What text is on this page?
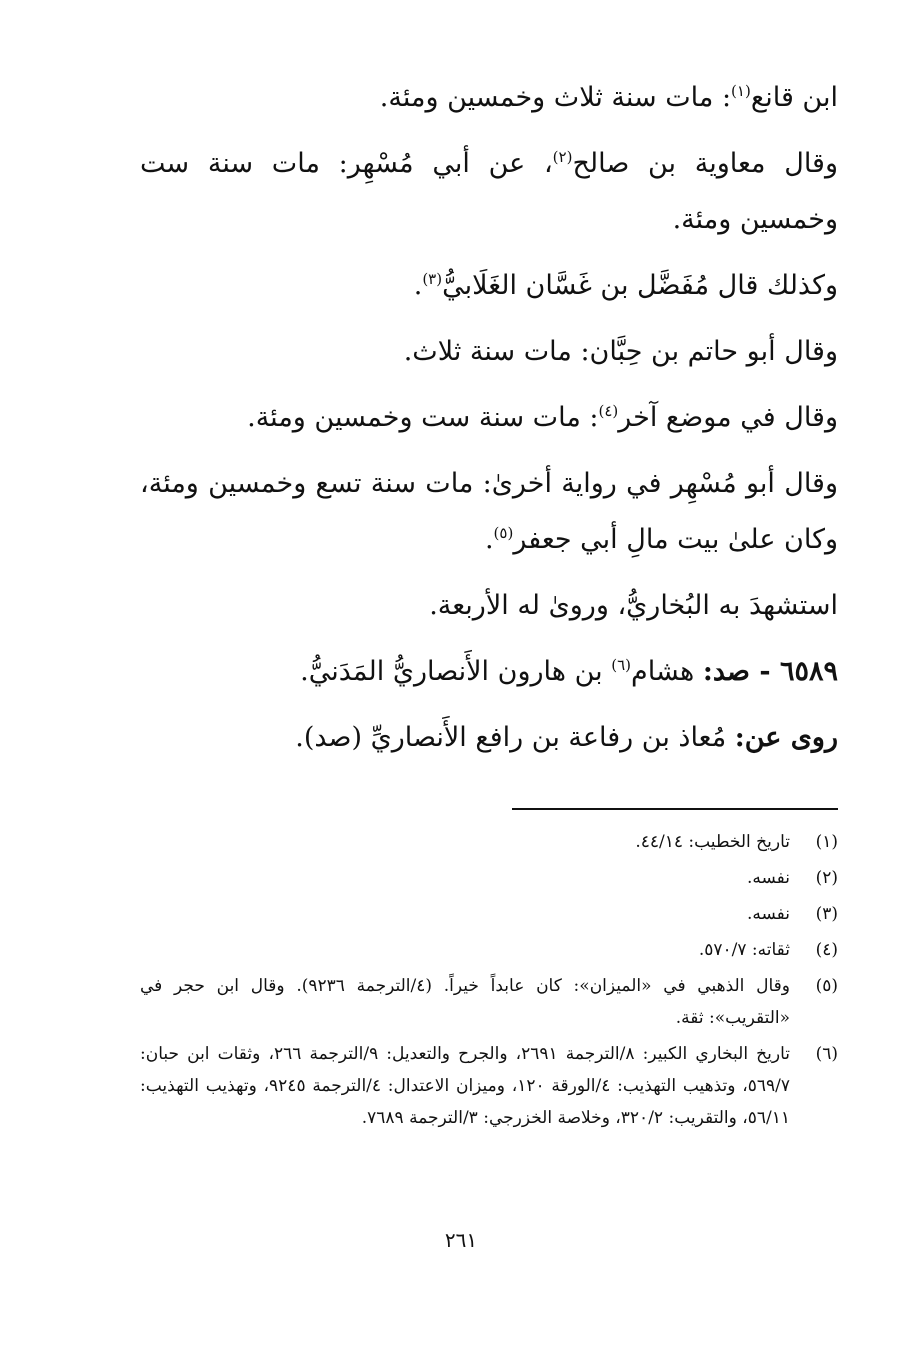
ابن قانع$^{(١)}$: مات سنة ثلاث وخمسين ومئة.
وقال معاوية بن صالح$^{(٢)}$، عن أبي مُسْهِر: مات سنة ست وخمسين ومئة.
وكذلك قال مُفَضَّل بن غَسَّان الغَلَابيُّ$^{(٣)}$.
وقال أبو حاتم بن حِبَّان: مات سنة ثلاث.
وقال في موضع آخر$^{(٤)}$: مات سنة ست وخمسين ومئة.
وقال أبو مُسْهِر في رواية أخرىٰ: مات سنة تسع وخمسين ومئة، وكان علىٰ بيت مالِ أبي جعفر$^{(٥)}$.
استشهدَ به البُخاريُّ، ورویٰ له الأربعة.
٦٥٨٩ - صد: هشام$^{(٦)}$ بن هارون الأَنصاريُّ المَدَنيُّ.
روى عن: مُعاذ بن رفاعة بن رافع الأَنصاريِّ (صد).
(١)
تاريخ الخطيب: ٤٤/١٤.
(٢)
نفسه.
(٣)
نفسه.
(٤)
ثقاته: ٥٧٠/٧.
(٥)
وقال الذهبي في «الميزان»: كان عابداً خيراً. (٤/الترجمة ٩٢٣٦). وقال ابن حجر في «التقريب»: ثقة.
(٦)
تاريخ البخاري الكبير: ٨/الترجمة ٢٦٩١، والجرح والتعديل: ٩/الترجمة ٢٦٦، وثقات ابن حبان: ٥٦٩/٧، وتذهيب التهذيب: ٤/الورقة ١٢٠، وميزان الاعتدال: ٤/الترجمة ٩٢٤٥، وتهذيب التهذيب: ٥٦/١١، والتقريب: ٣٢٠/٢، وخلاصة الخزرجي: ٣/الترجمة ٧٦٨٩.
٢٦١
